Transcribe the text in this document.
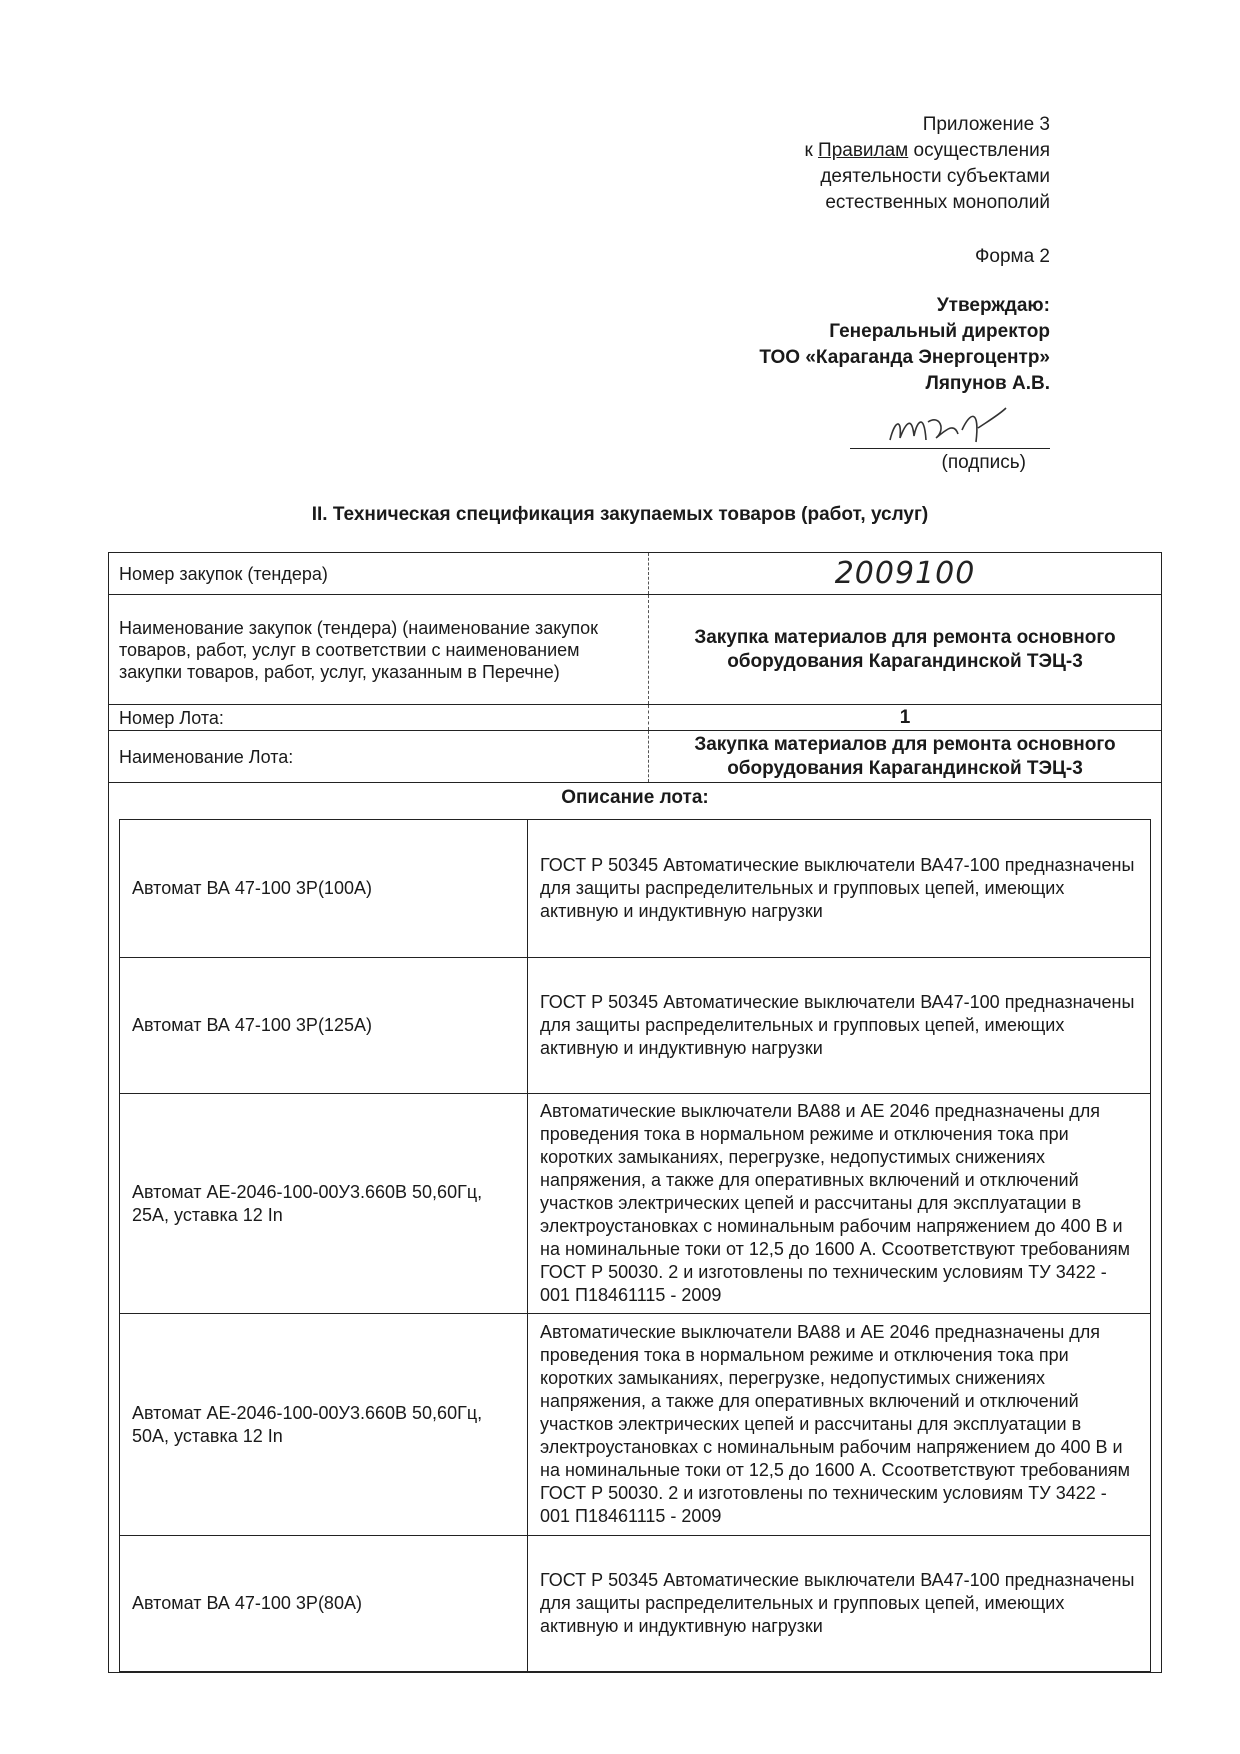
Приложение 3
к Правилам осуществления
деятельности субъектами
естественных монополий
Форма 2
Утверждаю:
Генеральный директор
ТОО «Караганда Энергоцентр»
Ляпунов А.В.
(подпись)
II. Техническая спецификация закупаемых товаров (работ, услуг)
Номер закупок (тендера)	2009100
Наименование закупок (тендера) (наименование закупок товаров, работ, услуг в соответствии с наименованием закупки товаров, работ, услуг, указанным в Перечне)
Закупка материалов для ремонта основного оборудования Карагандинской ТЭЦ-3
Номер Лота:	1
Наименование Лота:
Закупка материалов для ремонта основного оборудования Карагандинской ТЭЦ-3
Описание лота:
Автомат ВА 47-100 3Р(100А)	ГОСТ Р 50345 Автоматические выключатели ВА47-100 предназначены для защиты распределительных и групповых цепей, имеющих активную и индуктивную нагрузки
Автомат ВА 47-100 3Р(125А)	ГОСТ Р 50345 Автоматические выключатели ВА47-100 предназначены для защиты распределительных и групповых цепей, имеющих активную и индуктивную нагрузки
Автомат АЕ-2046-100-00У3.660В 50,60Гц, 25А, уставка 12 In	Автоматические выключатели ВА88 и АЕ 2046 предназначены для проведения тока в нормальном режиме и отключения тока при коротких замыканиях, перегрузке, недопустимых снижениях напряжения, а также для оперативных включений и отключений участков электрических цепей и рассчитаны для эксплуатации в электроустановках с номинальным рабочим напряжением до 400 В и на номинальные токи от 12,5 до 1600 А. Ссоответствуют требованиям ГОСТ Р 50030. 2 и изготовлены по техническим условиям ТУ 3422 - 001 П18461115 - 2009
Автомат АЕ-2046-100-00У3.660В 50,60Гц, 50А, уставка 12 In	Автоматические выключатели ВА88 и АЕ 2046 предназначены для проведения тока в нормальном режиме и отключения тока при коротких замыканиях, перегрузке, недопустимых снижениях напряжения, а также для оперативных включений и отключений участков электрических цепей и рассчитаны для эксплуатации в электроустановках с номинальным рабочим напряжением до 400 В и на номинальные токи от 12,5 до 1600 А. Ссоответствуют требованиям ГОСТ Р 50030. 2 и изготовлены по техническим условиям ТУ 3422 - 001 П18461115 - 2009
Автомат ВА 47-100 3Р(80А)	ГОСТ Р 50345 Автоматические выключатели ВА47-100 предназначены для защиты распределительных и групповых цепей, имеющих активную и индуктивную нагрузки
